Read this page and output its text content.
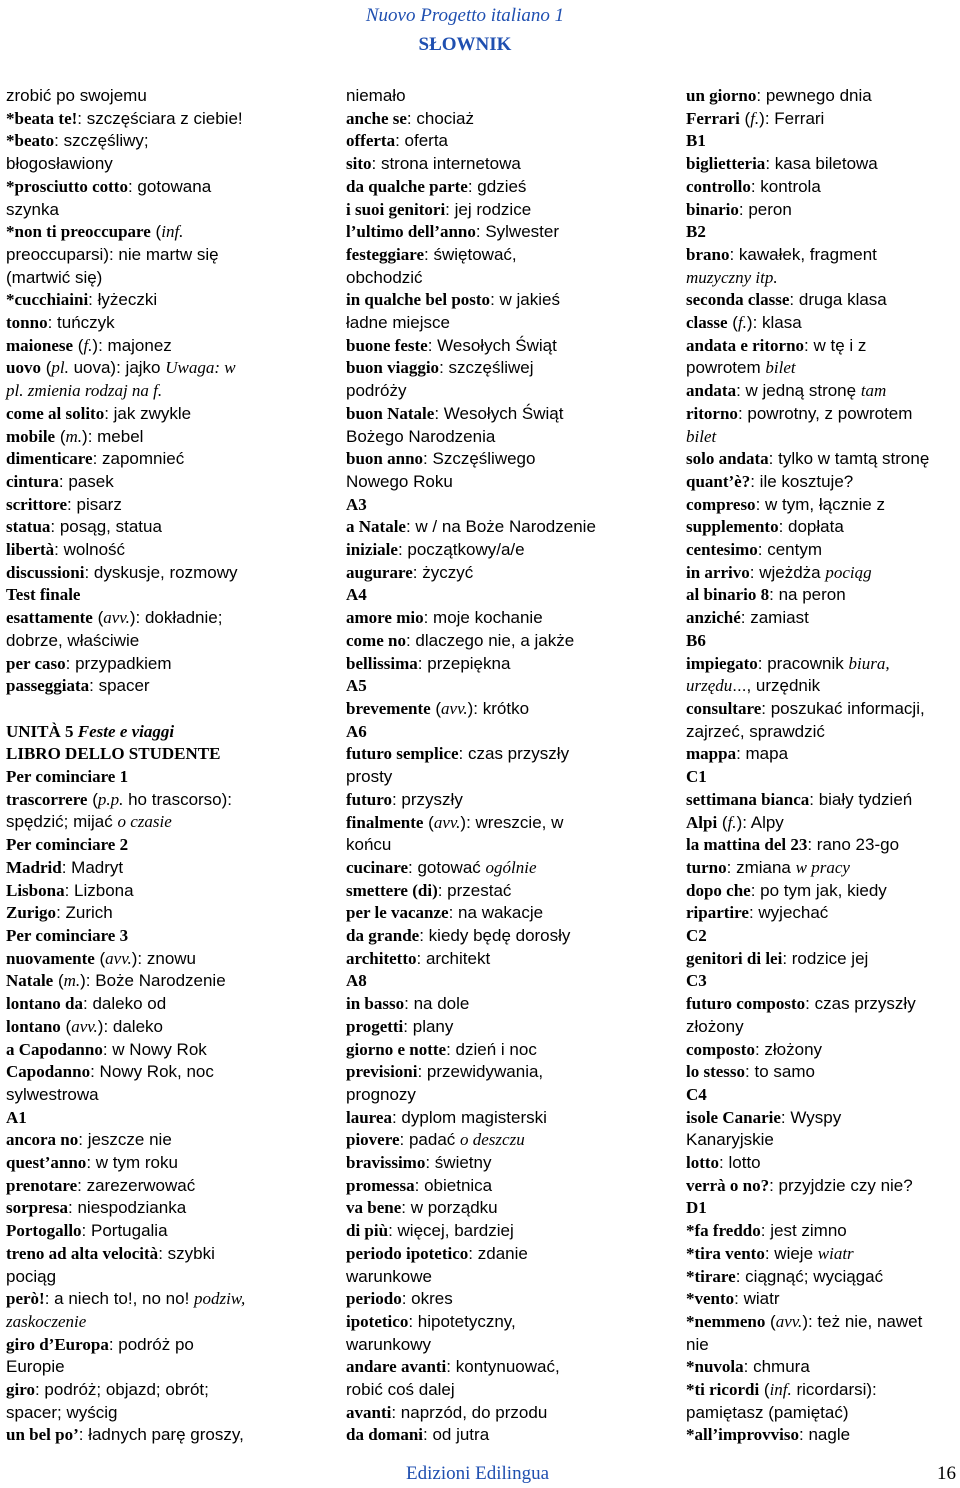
Nuovo Progetto italiano 1
SŁOWNIK
zrobić po swojemu
*beata te!: szczęściara z ciebie!
*beato: szczęśliwy;
błogosławiony
*prosciutto cotto: gotowana
szynka
*non ti preoccupare (inf.
preoccuparsi): nie martw się
(martwić się)
*cucchiaini: łyżeczki
tonno: tuńczyk
maionese (f.): majonez
uovo (pl. uova): jajko Uwaga: w
pl. zmienia rodzaj na f.
come al solito: jak zwykle
mobile (m.): mebel
dimenticare: zapomnieć
cintura: pasek
scrittore: pisarz
statua: posąg, statua
libertà: wolność
discussioni: dyskusje, rozmowy
Test finale
esattamente (avv.): dokładnie;
dobrze, właściwie
per caso: przypadkiem
passeggiata: spacer
UNITÀ 5 Feste e viaggi
LIBRO DELLO STUDENTE
Per cominciare 1
trascorrere (p.p. ho trascorso):
spędzić; mijać o czasie
Per cominciare 2
Madrid: Madryt
Lisbona: Lizbona
Zurigo: Zurich
Per cominciare 3
nuovamente (avv.): znowu
Natale (m.): Boże Narodzenie
lontano da: daleko od
lontano (avv.): daleko
a Capodanno: w Nowy Rok
Capodanno: Nowy Rok, noc
sylwestrowa
A1
ancora no: jeszcze nie
quest’anno: w tym roku
prenotare: zarezerwować
sorpresa: niespodzianka
Portogallo: Portugalia
treno ad alta velocità: szybki
pociąg
però!: a niech to!, no no! podziw,
zaskoczenie
giro d’Europa: podróż po
Europie
giro: podróż; objazd; obrót;
spacer; wyścig
un bel po’: ładnych parę groszy,
niemało
anche se: chociaż
offerta: oferta
sito: strona internetowa
da qualche parte: gdzieś
i suoi genitori: jej rodzice
l’ultimo dell’anno: Sylwester
festeggiare: świętować,
obchodzić
in qualche bel posto: w jakieś
ładne miejsce
buone feste: Wesołych Świąt
buon viaggio: szczęśliwej
podróży
buon Natale: Wesołych Świąt
Bożego Narodzenia
buon anno: Szczęśliwego
Nowego Roku
A3
a Natale: w / na Boże Narodzenie
iniziale: początkowy/a/e
augurare: życzyć
A4
amore mio: moje kochanie
come no: dlaczego nie, a jakże
bellissima: przepiękna
A5
brevemente (avv.): krótko
A6
futuro semplice: czas przyszły
prosty
futuro: przyszły
finalmente (avv.): wreszcie, w
końcu
cucinare: gotować ogólnie
smettere (di): przestać
per le vacanze: na wakacje
da grande: kiedy będę dorosły
architetto: architekt
A8
in basso: na dole
progetti: plany
giorno e notte: dzień i noc
previsioni: przewidywania,
prognozy
laurea: dyplom magisterski
piovere: padać o deszczu
bravissimo: świetny
promessa: obietnica
va bene: w porządku
di più: więcej, bardziej
periodo ipotetico: zdanie
warunkowe
periodo: okres
ipotetico: hipotetyczny,
warunkowy
andare avanti: kontynuować,
robić coś dalej
avanti: naprzód, do przodu
da domani: od jutra
un giorno: pewnego dnia
Ferrari (f.): Ferrari
B1
biglietteria: kasa biletowa
controllo: kontrola
binario: peron
B2
brano: kawałek, fragment
muzyczny itp.
seconda classe: druga klasa
classe (f.): klasa
andata e ritorno: w tę i z
powrotem bilet
andata: w jedną stronę tam
ritorno: powrotny, z powrotem
bilet
solo andata: tylko w tamtą stronę
quant’è?: ile kosztuje?
compreso: w tym, łącznie z
supplemento: dopłata
centesimo: centym
in arrivo: wjeżdża pociąg
al binario 8: na peron
anziché: zamiast
B6
impiegato: pracownik biura,
urzędu..., urzędnik
consultare: poszukać informacji,
zajrzeć, sprawdzić
mappa: mapa
C1
settimana bianca: biały tydzień
Alpi (f.): Alpy
la mattina del 23: rano 23-go
turno: zmiana w pracy
dopo che: po tym jak, kiedy
ripartire: wyjechać
C2
genitori di lei: rodzice jej
C3
futuro composto: czas przyszły
złożony
composto: złożony
lo stesso: to samo
C4
isole Canarie: Wyspy
Kanaryjskie
lotto: lotto
verrà o no?: przyjdzie czy nie?
D1
*fa freddo: jest zimno
*tira vento: wieje wiatr
*tirare: ciągnąć; wyciągać
*vento: wiatr
*nemmeno (avv.): też nie, nawet
nie
*nuvola: chmura
*ti ricordi (inf. ricordarsi):
pamiętasz (pamiętać)
*all’improvviso: nagle
Edizioni Edilingua	16
